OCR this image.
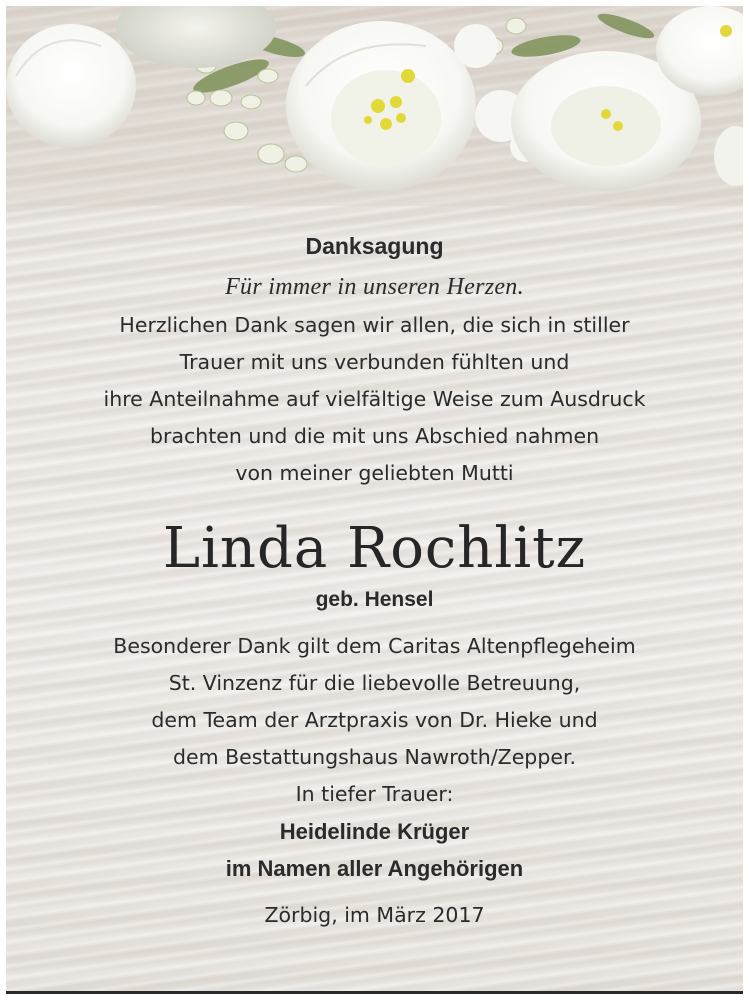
Danksagung
Für immer in unseren Herzen.
Herzlichen Dank sagen wir allen, die sich in stiller
Trauer mit uns verbunden fühlten und
ihre Anteilnahme auf vielfältige Weise zum Ausdruck
brachten und die mit uns Abschied nahmen
von meiner geliebten Mutti
Linda Rochlitz
geb. Hensel
Besonderer Dank gilt dem Caritas Altenpflegeheim
St. Vinzenz für die liebevolle Betreuung,
dem Team der Arztpraxis von Dr. Hieke und
dem Bestattungshaus Nawroth/Zepper.
In tiefer Trauer:
Heidelinde Krüger
im Namen aller Angehörigen
Zörbig, im März 2017
